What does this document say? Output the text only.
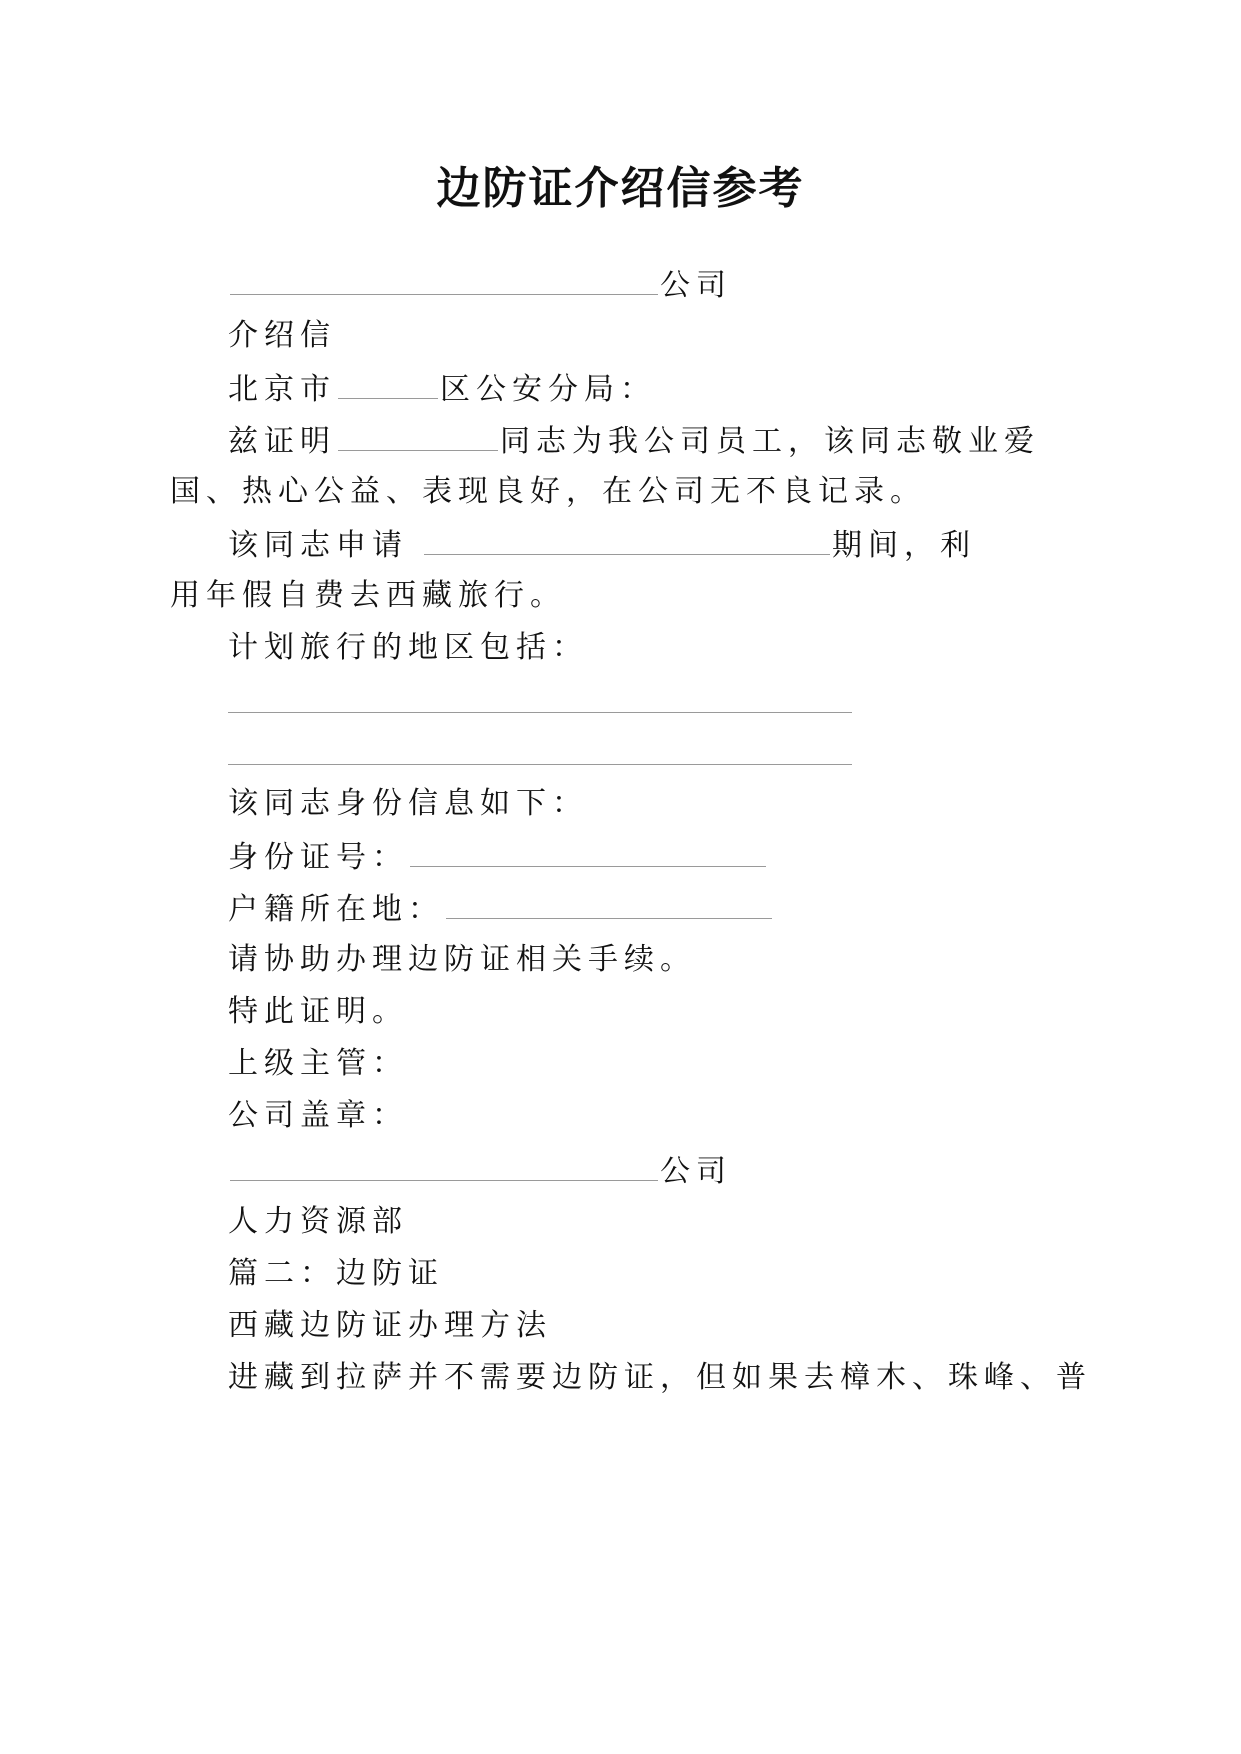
边防证介绍信参考
公司
介绍信
北京市	区公安分局：
兹证明	同志为我公司员工，该同志敬业爱
国、热心公益、表现良好，在公司无不良记录。
该同志申请	期间，利
用年假自费去西藏旅行。
计划旅行的地区包括：
该同志身份信息如下：
身份证号：
户籍所在地：
请协助办理边防证相关手续。
特此证明。
上级主管：
公司盖章：
公司
人力资源部
篇二：边防证
西藏边防证办理方法
进藏到拉萨并不需要边防证，但如果去樟木、珠峰、普
